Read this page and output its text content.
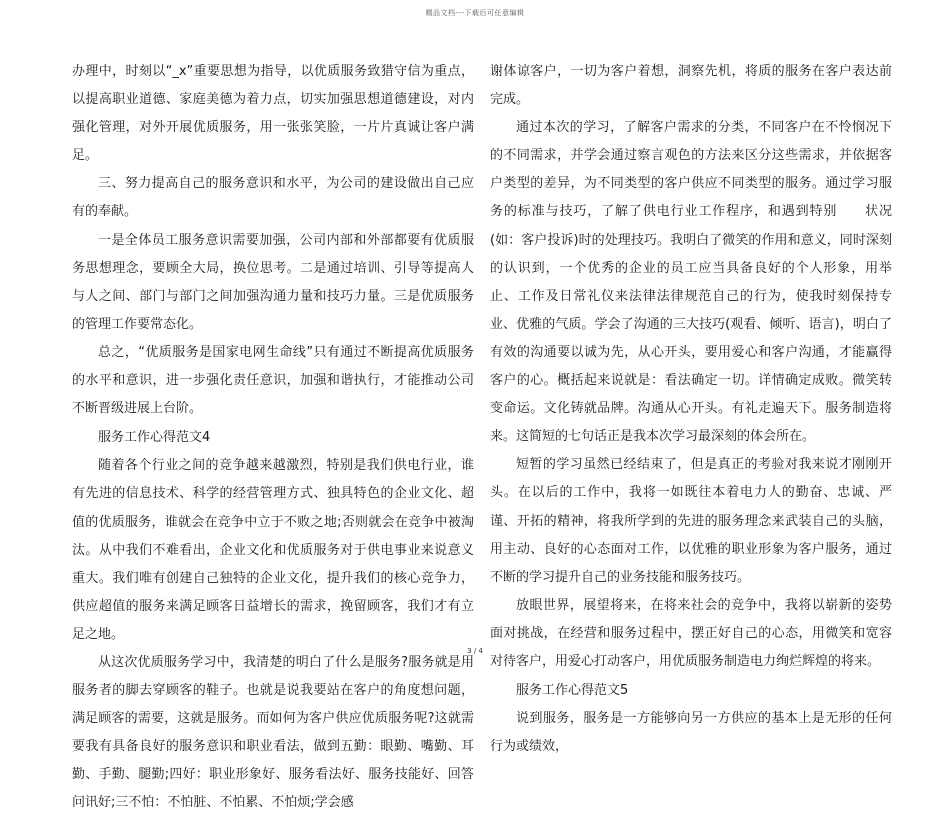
精品文档---下载后可任意编辑

办理中，时刻以“_x”重要思想为指导，以优质服务致猎守信为重点，以提高职业道德、家庭美德为着力点，切实加强思想道德建设，对内强化管理，对外开展优质服务，用一张张笑脸，一片片真诚让客户满足。

三、努力提高自己的服务意识和水平，为公司的建设做出自己应有的奉献。

一是全体员工服务意识需要加强，公司内部和外部都要有优质服务思想理念，要顾全大局，换位思考。二是通过培训、引导等提高人与人之间、部门与部门之间加强沟通力量和技巧力量。三是优质服务的管理工作要常态化。

总之，“优质服务是国家电网生命线”只有通过不断提高优质服务的水平和意识，进一步强化责任意识，加强和谐执行，才能推动公司不断晋级进展上台阶。

服务工作心得范文4

随着各个行业之间的竞争越来越激烈，特别是我们供电行业，谁有先进的信息技术、科学的经营管理方式、独具特色的企业文化、超值的优质服务，谁就会在竞争中立于不败之地;否则就会在竞争中被淘汰。从中我们不难看出，企业文化和优质服务对于供电事业来说意义重大。我们唯有创建自己独特的企业文化，提升我们的核心竞争力，供应超值的服务来满足顾客日益增长的需求，挽留顾客，我们才有立足之地。

从这次优质服务学习中，我清楚的明白了什么是服务?服务就是用服务者的脚去穿顾客的鞋子。也就是说我要站在客户的角度想问题，满足顾客的需要，这就是服务。而如何为客户供应优质服务呢?这就需要我有具备良好的服务意识和职业看法，做到五勤：眼勤、嘴勤、耳勤、手勤、腿勤;四好：职业形象好、服务看法好、服务技能好、回答问讯好;三不怕：不怕脏、不怕累、不怕烦;学会感

谢体谅客户，一切为客户着想，洞察先机，将质的服务在客户表达前完成。

通过本次的学习，了解客户需求的分类，不同客户在不怜悯况下的不同需求，并学会通过察言观色的方法来区分这些需求，并依据客户类型的差异，为不同类型的客户供应不同类型的服务。通过学习服务的标准与技巧，了解了供电行业工作程序，和遇到特别　　状况(如：客户投诉)时的处理技巧。我明白了微笑的作用和意义，同时深刻的认识到，一个优秀的企业的员工应当具备良好的个人形象，用举止、工作及日常礼仪来法律法律规范自己的行为，使我时刻保持专业、优雅的气质。学会了沟通的三大技巧(观看、倾听、语言)，明白了有效的沟通要以诚为先，从心开头，要用爱心和客户沟通，才能赢得客户的心。概括起来说就是：看法确定一切。详情确定成败。微笑转变命运。文化铸就品牌。沟通从心开头。有礼走遍天下。服务制造将来。这简短的七句话正是我本次学习最深刻的体会所在。

短暂的学习虽然已经结束了，但是真正的考验对我来说才刚刚开头。在以后的工作中，我将一如既往本着电力人的勤奋、忠诚、严谨、开拓的精神，将我所学到的先进的服务理念来武装自己的头脑，用主动、良好的心态面对工作，以优雅的职业形象为客户服务，通过不断的学习提升自己的业务技能和服务技巧。

放眼世界，展望将来，在将来社会的竞争中，我将以崭新的姿势面对挑战，在经营和服务过程中，摆正好自己的心态，用微笑和宽容对待客户，用爱心打动客户，用优质服务制造电力绚烂辉煌的将来。

服务工作心得范文5

说到服务，服务是一方能够向另一方供应的基本上是无形的任何行为或绩效，

3 / 4
